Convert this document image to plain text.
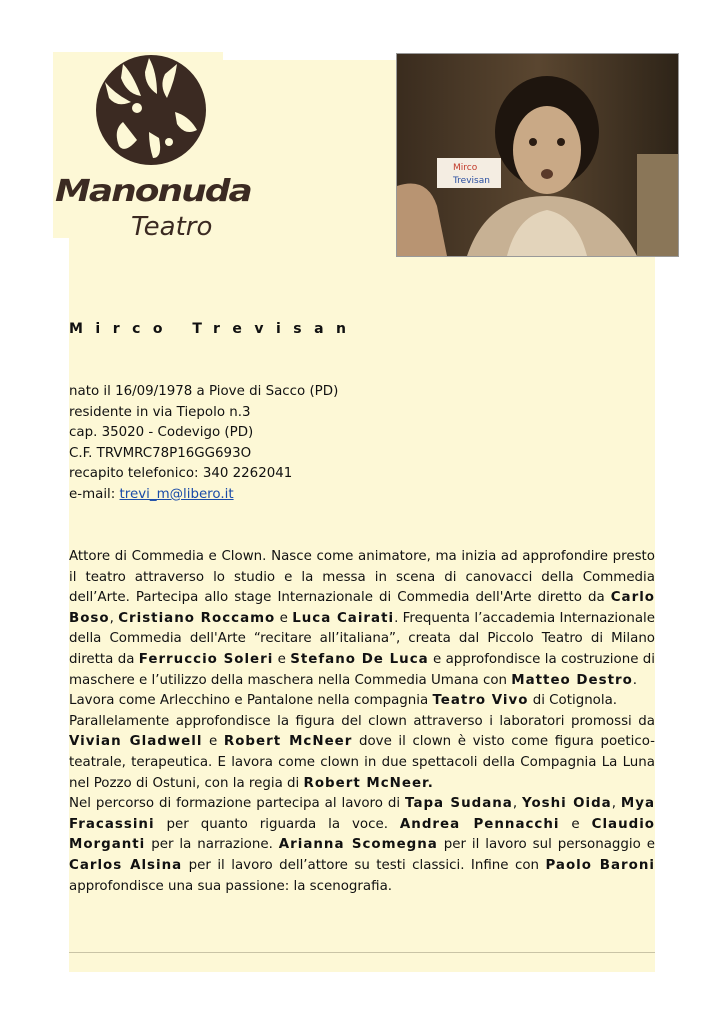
Manonuda
Teatro
Mirco
Trevisan
Mirco Trevisan
nato il 16/09/1978 a Piove di Sacco (PD)
residente in via Tiepolo n.3
cap. 35020 - Codevigo (PD)
C.F. TRVMRC78P16GG693O
recapito telefonico: 340 2262041
e-mail: trevi_m@libero.it

Attore di Commedia e Clown. Nasce come animatore, ma inizia ad approfondire presto il teatro attraverso lo studio e la messa in scena di canovacci della Commedia dell’Arte. Partecipa allo stage Internazionale di Commedia dell'Arte diretto da Carlo Boso, Cristiano Roccamo e Luca Cairati. Frequenta l’accademia Internazionale della Commedia dell'Arte “recitare all’italiana”, creata dal Piccolo Teatro di Milano diretta da Ferruccio Soleri e Stefano De Luca e approfondisce la costruzione di maschere e l’utilizzo della maschera nella Commedia Umana con Matteo Destro.

Lavora come Arlecchino e Pantalone nella compagnia Teatro Vivo di Cotignola.

Parallelamente approfondisce la figura del clown attraverso i laboratori promossi da Vivian Gladwell e Robert McNeer dove il clown è visto come figura poetico-teatrale, terapeutica. E lavora come clown in due spettacoli della Compagnia La Luna nel Pozzo di Ostuni, con la regia di Robert McNeer.

Nel percorso di formazione partecipa al lavoro di Tapa Sudana, Yoshi Oida, Mya Fracassini per quanto riguarda la voce. Andrea Pennacchi e Claudio Morganti per la narrazione. Arianna Scomegna per il lavoro sul personaggio e Carlos Alsina per il lavoro dell’attore su testi classici. Infine con Paolo Baroni approfondisce una sua passione: la scenografia.
